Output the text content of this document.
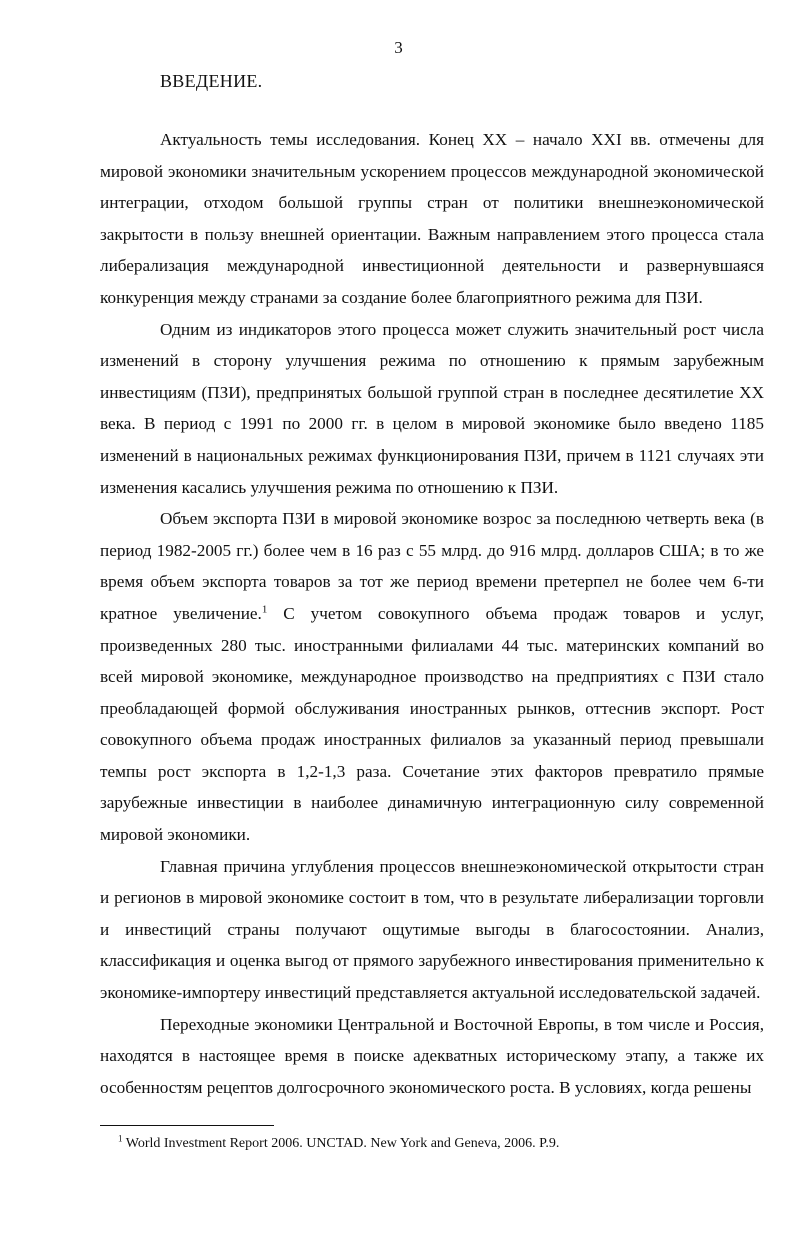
3
ВВЕДЕНИЕ.

Актуальность темы исследования. Конец XX – начало XXI вв. отмечены для мировой экономики значительным ускорением процессов международной экономической интеграции, отходом большой группы стран от политики внешнеэкономической закрытости в пользу внешней ориентации. Важным направлением этого процесса стала либерализация международной инвестиционной деятельности и развернувшаяся конкуренция между странами за создание более благоприятного режима для ПЗИ.

Одним из индикаторов этого процесса может служить значительный рост числа изменений в сторону улучшения режима по отношению к прямым зарубежным инвестициям (ПЗИ), предпринятых большой группой стран в последнее десятилетие XX века. В период с 1991 по 2000 гг. в целом в мировой экономике было введено 1185 изменений в национальных режимах функционирования ПЗИ, причем в 1121 случаях эти изменения касались улучшения режима по отношению к ПЗИ.

Объем экспорта ПЗИ в мировой экономике возрос за последнюю четверть века (в период 1982-2005 гг.) более чем в 16 раз с 55 млрд. до 916 млрд. долларов США; в то же время объем экспорта товаров за тот же период времени претерпел не более чем 6-ти кратное увеличение.$^1$ С учетом совокупного объема продаж товаров и услуг, произведенных 280 тыс. иностранными филиалами 44 тыс. материнских компаний во всей мировой экономике, международное производство на предприятиях с ПЗИ стало преобладающей формой обслуживания иностранных рынков, оттеснив экспорт. Рост совокупного объема продаж иностранных филиалов за указанный период превышали темпы рост экспорта в 1,2-1,3 раза. Сочетание этих факторов превратило прямые зарубежные инвестиции в наиболее динамичную интеграционную силу современной мировой экономики.

Главная причина углубления процессов внешнеэкономической открытости стран и регионов в мировой экономике состоит в том, что в результате либерализации торговли и инвестиций страны получают ощутимые выгоды в благосостоянии. Анализ, классификация и оценка выгод от прямого зарубежного инвестирования применительно к экономике-импортеру инвестиций представляется актуальной исследовательской задачей.

Переходные экономики Центральной и Восточной Европы, в том числе и Россия, находятся в настоящее время в поиске адекватных историческому этапу, а также их особенностям рецептов долгосрочного экономического роста. В условиях, когда решены

$^1$ World Investment Report 2006. UNCTAD. New York and Geneva, 2006. P.9.
